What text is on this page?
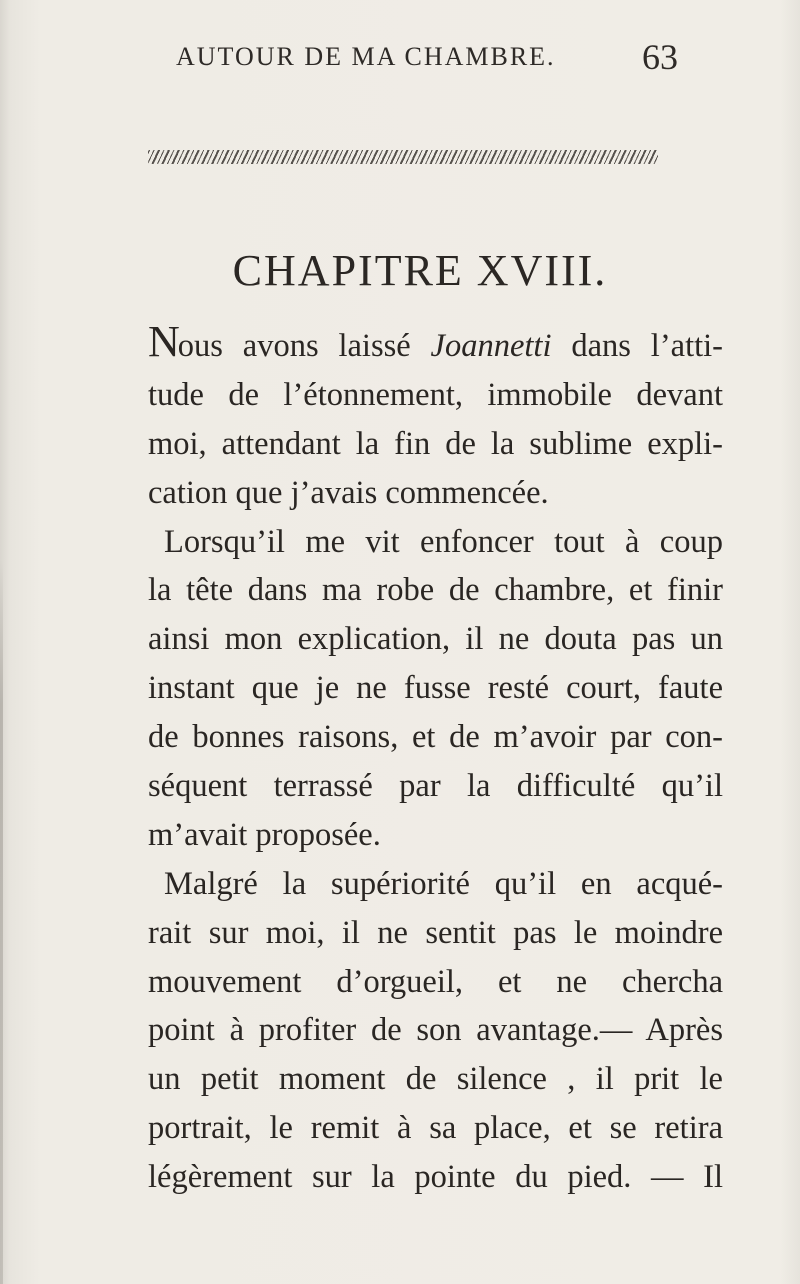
AUTOUR DE MA CHAMBRE. 63
CHAPITRE XVIII.
Nous avons laissé Joannetti dans l’atti-
tude de l’étonnement, immobile devant
moi, attendant la fin de la sublime expli-
cation que j’avais commencée.
Lorsqu’il me vit enfoncer tout à coup
la tête dans ma robe de chambre, et finir
ainsi mon explication, il ne douta pas un
instant que je ne fusse resté court, faute
de bonnes raisons, et de m’avoir par con-
séquent terrassé par la difficulté qu’il
m’avait proposée.
Malgré la supériorité qu’il en acqué-
rait sur moi, il ne sentit pas le moindre
mouvement d’orgueil, et ne chercha
point à profiter de son avantage.— Après
un petit moment de silence , il prit le
portrait, le remit à sa place, et se retira
légèrement sur la pointe du pied. — Il
